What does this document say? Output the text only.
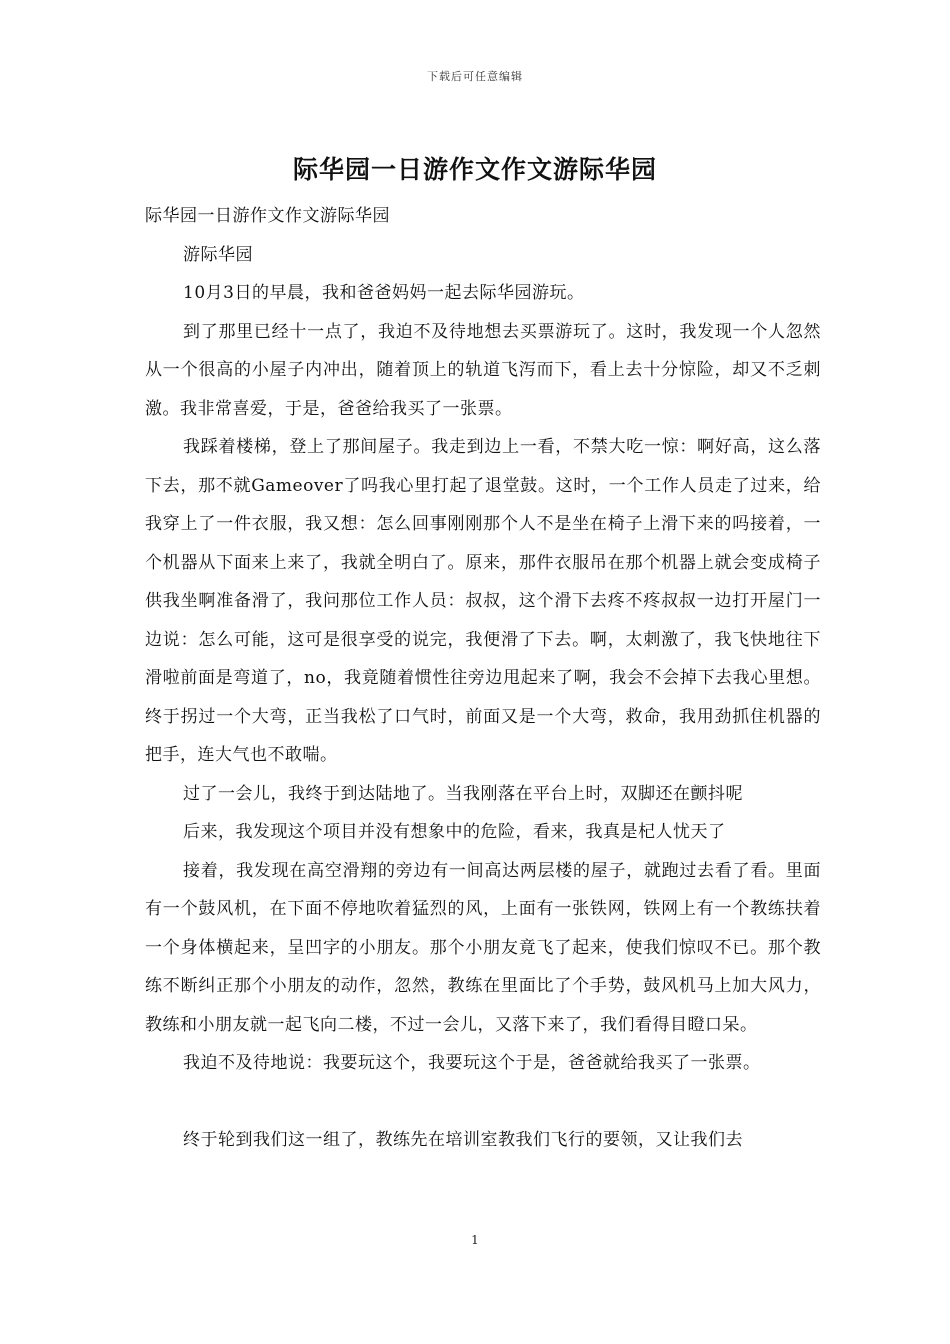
下载后可任意编辑
际华园一日游作文作文游际华园

际华园一日游作文作文游际华园

游际华园

10月3日的早晨，我和爸爸妈妈一起去际华园游玩。

到了那里已经十一点了，我迫不及待地想去买票游玩了。这时，我发现一个人忽然从一个很高的小屋子内冲出，随着顶上的轨道飞泻而下，看上去十分惊险，却又不乏刺激。我非常喜爱，于是，爸爸给我买了一张票。

我踩着楼梯，登上了那间屋子。我走到边上一看，不禁大吃一惊：啊好高，这么落下去，那不就Gameover了吗我心里打起了退堂鼓。这时，一个工作人员走了过来，给我穿上了一件衣服，我又想：怎么回事刚刚那个人不是坐在椅子上滑下来的吗接着，一个机器从下面来上来了，我就全明白了。原来，那件衣服吊在那个机器上就会变成椅子供我坐啊准备滑了，我问那位工作人员：叔叔，这个滑下去疼不疼叔叔一边打开屋门一边说：怎么可能，这可是很享受的说完，我便滑了下去。啊，太刺激了，我飞快地往下滑啦前面是弯道了，no，我竟随着惯性往旁边甩起来了啊，我会不会掉下去我心里想。终于拐过一个大弯，正当我松了口气时，前面又是一个大弯，救命，我用劲抓住机器的把手，连大气也不敢喘。

过了一会儿，我终于到达陆地了。当我刚落在平台上时，双脚还在颤抖呢

后来，我发现这个项目并没有想象中的危险，看来，我真是杞人忧天了

接着，我发现在高空滑翔的旁边有一间高达两层楼的屋子，就跑过去看了看。里面有一个鼓风机，在下面不停地吹着猛烈的风，上面有一张铁网，铁网上有一个教练扶着一个身体横起来，呈凹字的小朋友。那个小朋友竟飞了起来，使我们惊叹不已。那个教练不断纠正那个小朋友的动作，忽然，教练在里面比了个手势，鼓风机马上加大风力，教练和小朋友就一起飞向二楼，不过一会儿，又落下来了，我们看得目瞪口呆。

我迫不及待地说：我要玩这个，我要玩这个于是，爸爸就给我买了一张票。

终于轮到我们这一组了，教练先在培训室教我们飞行的要领，又让我们去

1
